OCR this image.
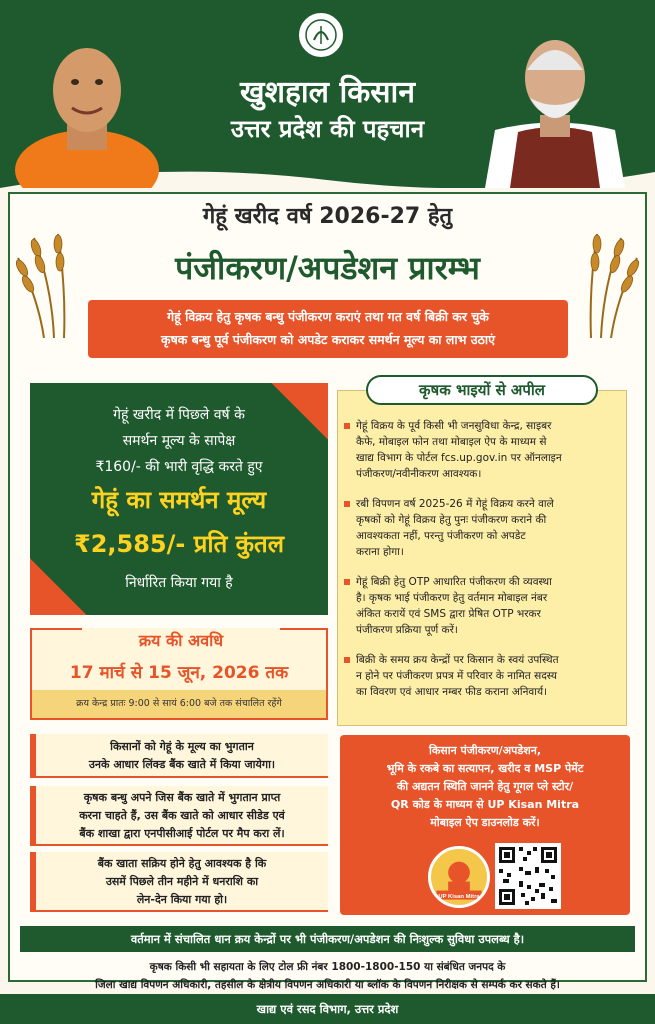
खुशहाल किसान
उत्तर प्रदेश की पहचान
गेहूं खरीद वर्ष 2026-27 हेतु
पंजीकरण/अपडेशन प्रारम्भ
गेहूं विक्रय हेतु कृषक बन्धु पंजीकरण कराएं तथा गत वर्ष बिक्री कर चुके
कृषक बन्धु पूर्व पंजीकरण को अपडेट कराकर समर्थन मूल्य का लाभ उठाएं
गेहूं खरीद में पिछले वर्ष के
समर्थन मूल्य के सापेक्ष
₹160/- की भारी वृद्धि करते हुए
गेहूं का समर्थन मूल्य
₹2,585/- प्रति कुंतल
निर्धारित किया गया है
क्रय की अवधि
17 मार्च से 15 जून, 2026 तक
क्रय केन्द्र प्रातः 9:00 से सायं 6:00 बजे तक संचालित रहेंगे
किसानों को गेहूं के मूल्य का भुगतान
उनके आधार लिंक्ड बैंक खाते में किया जायेगा।
कृषक बन्धु अपने जिस बैंक खाते में भुगतान प्राप्त
करना चाहते हैं, उस बैंक खाते को आधार सीडेड एवं
बैंक शाखा द्वारा एनपीसीआई पोर्टल पर मैप करा लें।
बैंक खाता सक्रिय होने हेतु आवश्यक है कि
उसमें पिछले तीन महीने में धनराशि का
लेन-देन किया गया हो।
कृषक भाइयों से अपील
गेहूं विक्रय के पूर्व किसी भी जनसुविधा केन्द्र, साइबर
कैफे, मोबाइल फोन तथा मोबाइल ऐप के माध्यम से
खाद्य विभाग के पोर्टल fcs.up.gov.in पर ऑनलाइन
पंजीकरण/नवीनीकरण आवश्यक।
रबी विपणन वर्ष 2025-26 में गेहूं विक्रय करने वाले
कृषकों को गेहूं विक्रय हेतु पुनः पंजीकरण कराने की
आवश्यकता नहीं, परन्तु पंजीकरण को अपडेट
कराना होगा।
गेहूं बिक्री हेतु OTP आधारित पंजीकरण की व्यवस्था
है। कृषक भाई पंजीकरण हेतु वर्तमान मोबाइल नंबर
अंकित करायें एवं SMS द्वारा प्रेषित OTP भरकर
पंजीकरण प्रक्रिया पूर्ण करें।
बिक्री के समय क्रय केन्द्रों पर किसान के स्वयं उपस्थित
न होने पर पंजीकरण प्रपत्र में परिवार के नामित सदस्य
का विवरण एवं आधार नम्बर फीड कराना अनिवार्य।
किसान पंजीकरण/अपडेशन,
भूमि के रकबे का सत्यापन, खरीद व MSP पेमेंट
की अद्यतन स्थिति जानने हेतु गूगल प्ले स्टोर/
QR कोड के माध्यम से UP Kisan Mitra
मोबाइल ऐप डाउनलोड करें।
UP Kisan Mitra
वर्तमान में संचालित धान क्रय केन्द्रों पर भी पंजीकरण/अपडेशन की निःशुल्क सुविधा उपलब्ध है।
कृषक किसी भी सहायता के लिए टोल फ्री नंबर 1800-1800-150 या संबंधित जनपद के
जिला खाद्य विपणन अधिकारी, तहसील के क्षेत्रीय विपणन अधिकारी या ब्लॉक के विपणन निरीक्षक से सम्पर्क कर सकते हैं।
खाद्य एवं रसद विभाग, उत्तर प्रदेश
